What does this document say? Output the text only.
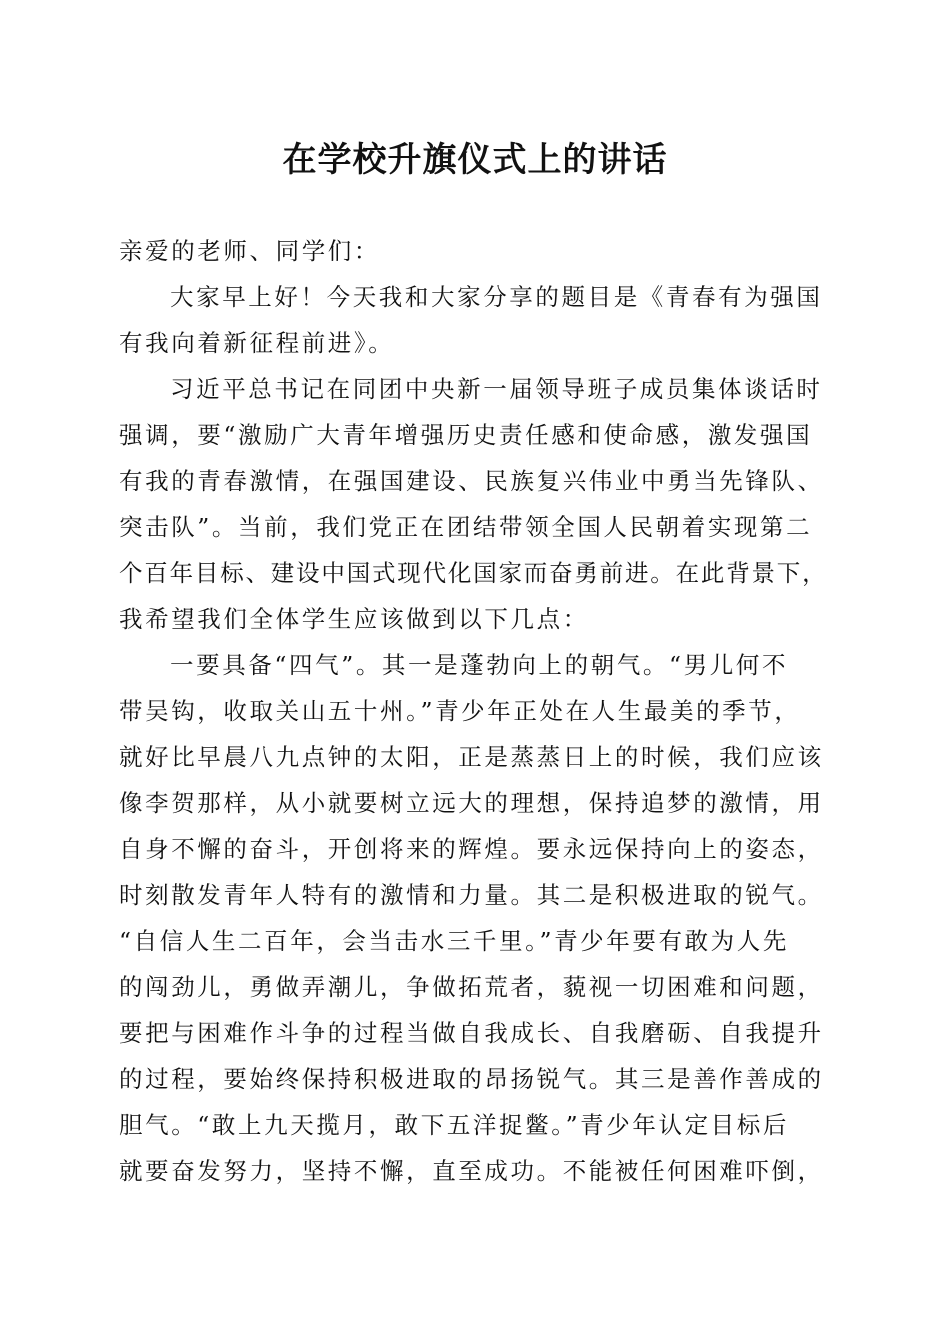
在学校升旗仪式上的讲话

亲爱的老师、同学们：

大家早上好！今天我和大家分享的题目是《青春有为强国

有我向着新征程前进》。

习近平总书记在同团中央新一届领导班子成员集体谈话时

强调，要“激励广大青年增强历史责任感和使命感，激发强国

有我的青春激情，在强国建设、民族复兴伟业中勇当先锋队、

突击队”。当前，我们党正在团结带领全国人民朝着实现第二

个百年目标、建设中国式现代化国家而奋勇前进。在此背景下，

我希望我们全体学生应该做到以下几点：

一要具备“四气”。其一是蓬勃向上的朝气。“男儿何不

带吴钩，收取关山五十州。”青少年正处在人生最美的季节，

就好比早晨八九点钟的太阳，正是蒸蒸日上的时候，我们应该

像李贺那样，从小就要树立远大的理想，保持追梦的激情，用

自身不懈的奋斗，开创将来的辉煌。要永远保持向上的姿态，

时刻散发青年人特有的激情和力量。其二是积极进取的锐气。

“自信人生二百年，会当击水三千里。”青少年要有敢为人先

的闯劲儿，勇做弄潮儿，争做拓荒者，藐视一切困难和问题，

要把与困难作斗争的过程当做自我成长、自我磨砺、自我提升

的过程，要始终保持积极进取的昂扬锐气。其三是善作善成的

胆气。“敢上九天揽月，敢下五洋捉鳖。”青少年认定目标后

就要奋发努力，坚持不懈，直至成功。不能被任何困难吓倒，
